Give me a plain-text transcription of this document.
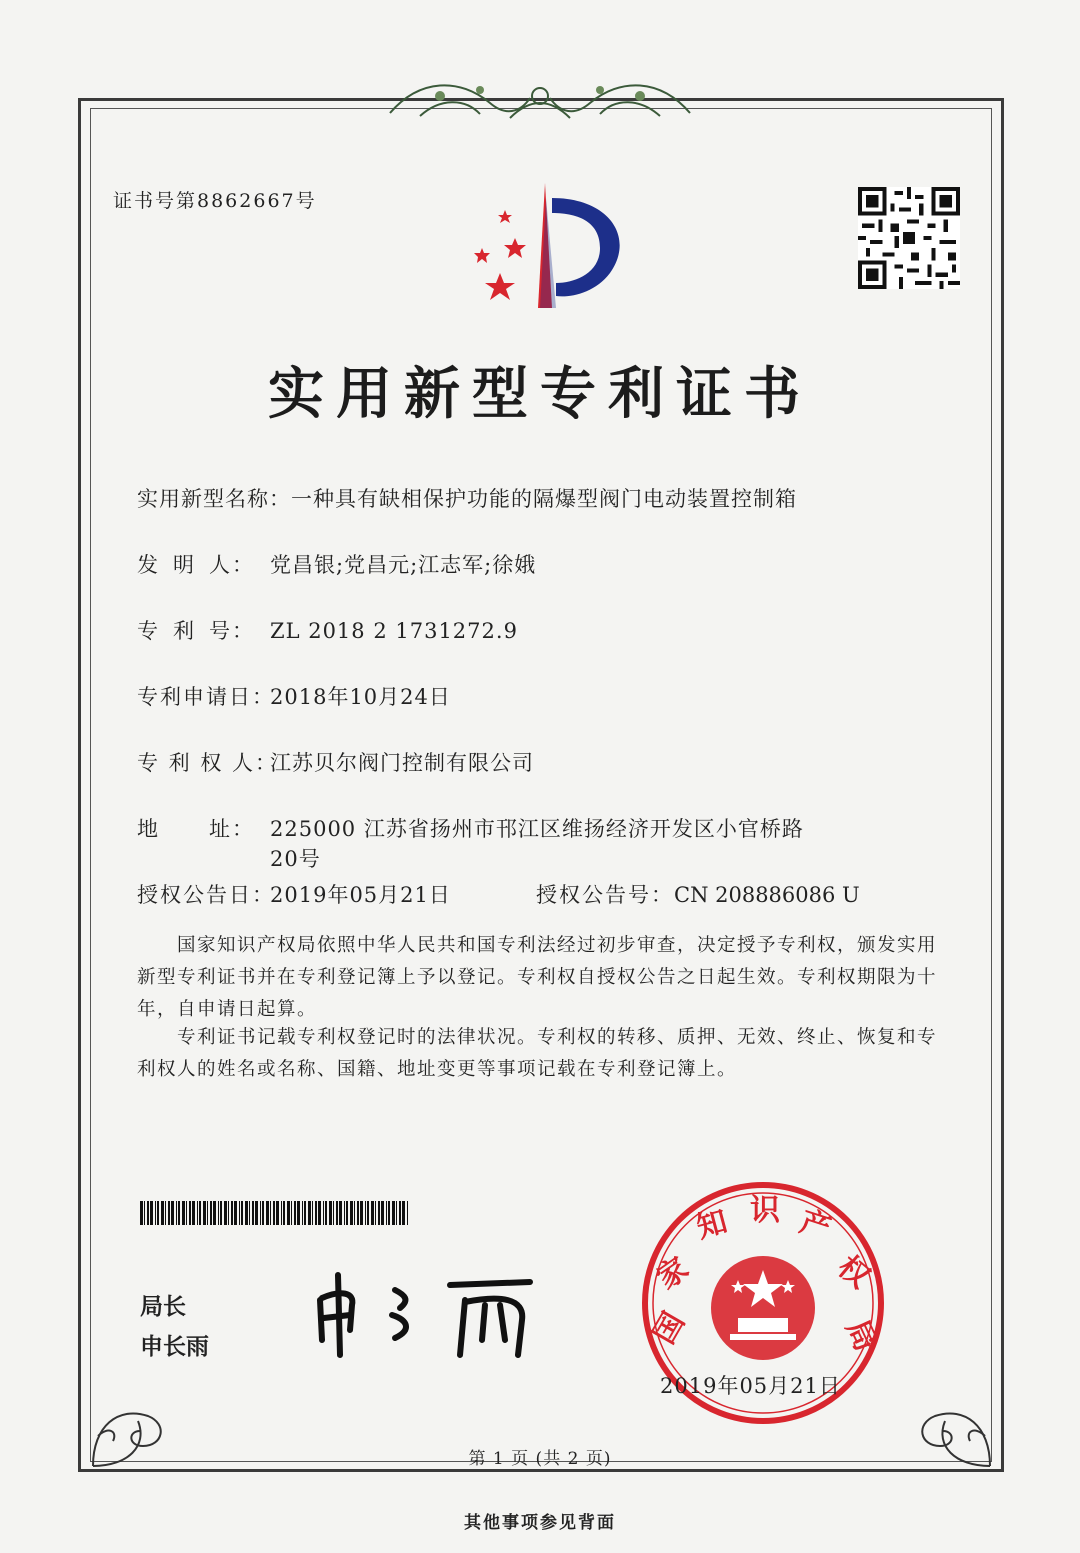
证书号第8862667号
实用新型专利证书
实用新型名称：一种具有缺相保护功能的隔爆型阀门电动装置控制箱
发 明 人： 党昌银;党昌元;江志军;徐娥
专 利 号： ZL 2018 2 1731272.9
专利申请日：2018年10月24日
专 利 权 人：江苏贝尔阀门控制有限公司
地 址： 225000 江苏省扬州市邗江区维扬经济开发区小官桥路20号
授权公告日：2019年05月21日	授权公告号：CN 208886086 U
国家知识产权局依照中华人民共和国专利法经过初步审查，决定授予专利权，颁发实用新型专利证书并在专利登记簿上予以登记。专利权自授权公告之日起生效。专利权期限为十年，自申请日起算。
专利证书记载专利权登记时的法律状况。专利权的转移、质押、无效、终止、恢复和专利权人的姓名或名称、国籍、地址变更等事项记载在专利登记簿上。
局长
申长雨	国
家
知 识 产
权
局
2019年05月21日
第 1 页 (共 2 页)
其他事项参见背面
